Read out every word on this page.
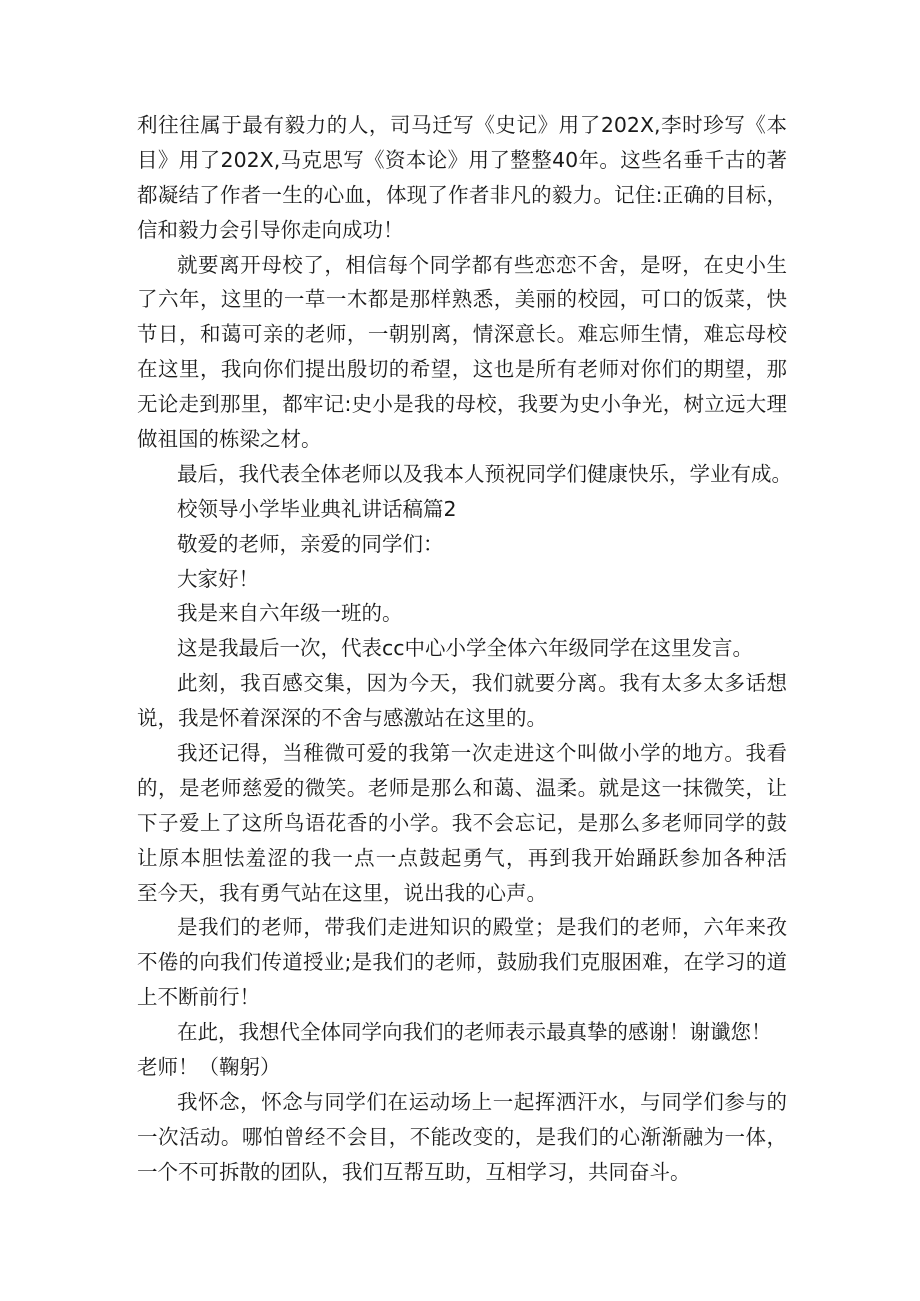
利往往属于最有毅力的人，司马迁写《史记》用了202X,李时珍写《本
目》用了202X,马克思写《资本论》用了整整40年。这些名垂千古的著
都凝结了作者一生的心血，体现了作者非凡的毅力。记住:正确的目标，
信和毅力会引导你走向成功！
就要离开母校了，相信每个同学都有些恋恋不舍，是呀，在史小生
了六年，这里的一草一木都是那样熟悉，美丽的校园，可口的饭菜，快
节日，和蔼可亲的老师，一朝别离，情深意长。难忘师生情，难忘母校
在这里，我向你们提出殷切的希望，这也是所有老师对你们的期望，那
无论走到那里，都牢记:史小是我的母校，我要为史小争光，树立远大理
做祖国的栋梁之材。
最后，我代表全体老师以及我本人预祝同学们健康快乐，学业有成。
校领导小学毕业典礼讲话稿篇2
敬爱的老师，亲爱的同学们：
大家好！
我是来自六年级一班的。
这是我最后一次，代表cc中心小学全体六年级同学在这里发言。
此刻，我百感交集，因为今天，我们就要分离。我有太多太多话想
说，我是怀着深深的不舍与感激站在这里的。
我还记得，当稚微可爱的我第一次走进这个叫做小学的地方。我看
的，是老师慈爱的微笑。老师是那么和蔼、温柔。就是这一抹微笑，让
下子爱上了这所鸟语花香的小学。我不会忘记，是那么多老师同学的鼓
让原本胆怯羞涩的我一点一点鼓起勇气，再到我开始踊跃参加各种活
至今天，我有勇气站在这里，说出我的心声。
是我们的老师，带我们走进知识的殿堂；是我们的老师，六年来孜
不倦的向我们传道授业;是我们的老师，鼓励我们克服困难，在学习的道
上不断前行！
在此，我想代全体同学向我们的老师表示最真挚的感谢！谢谶您！
老师！（鞠躬）
我怀念，怀念与同学们在运动场上一起挥洒汗水，与同学们参与的
一次活动。哪怕曾经不会目，不能改变的，是我们的心渐渐融为一体，
一个不可拆散的团队，我们互帮互助，互相学习，共同奋斗。
